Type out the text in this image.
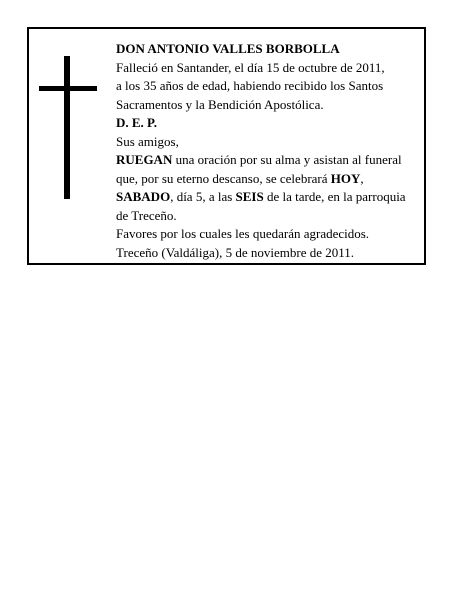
DON ANTONIO VALLES BORBOLLA
Falleció en Santander, el día 15 de octubre de 2011,
a los 35 años de edad, habiendo recibido los Santos
Sacramentos y la Bendición Apostólica.
D. E. P.
Sus amigos,
RUEGAN una oración por su alma y asistan al funeral
que, por su eterno descanso, se celebrará HOY,
SABADO, día 5, a las SEIS de la tarde, en la parroquia
de Treceño.
Favores por los cuales les quedarán agradecidos.
Treceño (Valdáliga), 5 de noviembre de 2011.
